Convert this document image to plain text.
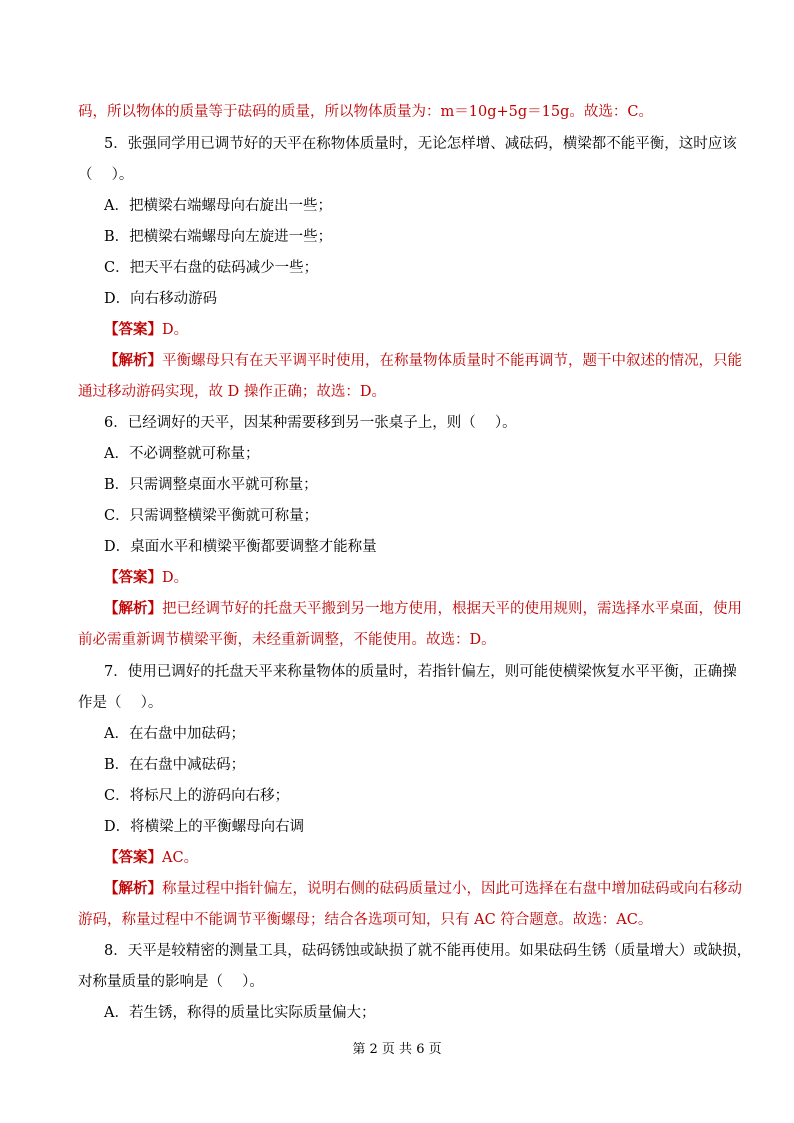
码，所以物体的质量等于砝码的质量，所以物体质量为：m＝10g+5g＝15g。故选：C。
5．张强同学用已调节好的天平在称物体质量时，无论怎样增、减砝码，横梁都不能平衡，这时应该
（　 ）。
A．把横梁右端螺母向右旋出一些；
B．把横梁右端螺母向左旋进一些；
C．把天平右盘的砝码减少一些；
D．向右移动游码
【答案】D。
【解析】平衡螺母只有在天平调平时使用，在称量物体质量时不能再调节，题干中叙述的情况，只能
通过移动游码实现，故 D 操作正确；故选：D。
6．已经调好的天平，因某种需要移到另一张桌子上，则（　 ）。
A．不必调整就可称量；
B．只需调整桌面水平就可称量；
C．只需调整横梁平衡就可称量；
D．桌面水平和横梁平衡都要调整才能称量
【答案】D。
【解析】把已经调节好的托盘天平搬到另一地方使用，根据天平的使用规则，需选择水平桌面，使用
前必需重新调节横梁平衡，未经重新调整，不能使用。故选：D。
7．使用已调好的托盘天平来称量物体的质量时，若指针偏左，则可能使横梁恢复水平平衡，正确操
作是（　 ）。
A．在右盘中加砝码；
B．在右盘中减砝码；
C．将标尺上的游码向右移；
D．将横梁上的平衡螺母向右调
【答案】AC。
【解析】称量过程中指针偏左，说明右侧的砝码质量过小，因此可选择在右盘中增加砝码或向右移动
游码，称量过程中不能调节平衡螺母；结合各选项可知，只有 AC 符合题意。故选：AC。
8．天平是较精密的测量工具，砝码锈蚀或缺损了就不能再使用。如果砝码生锈（质量增大）或缺损，
对称量质量的影响是（　 ）。
A．若生锈，称得的质量比实际质量偏大；
第 2 页 共 6 页
